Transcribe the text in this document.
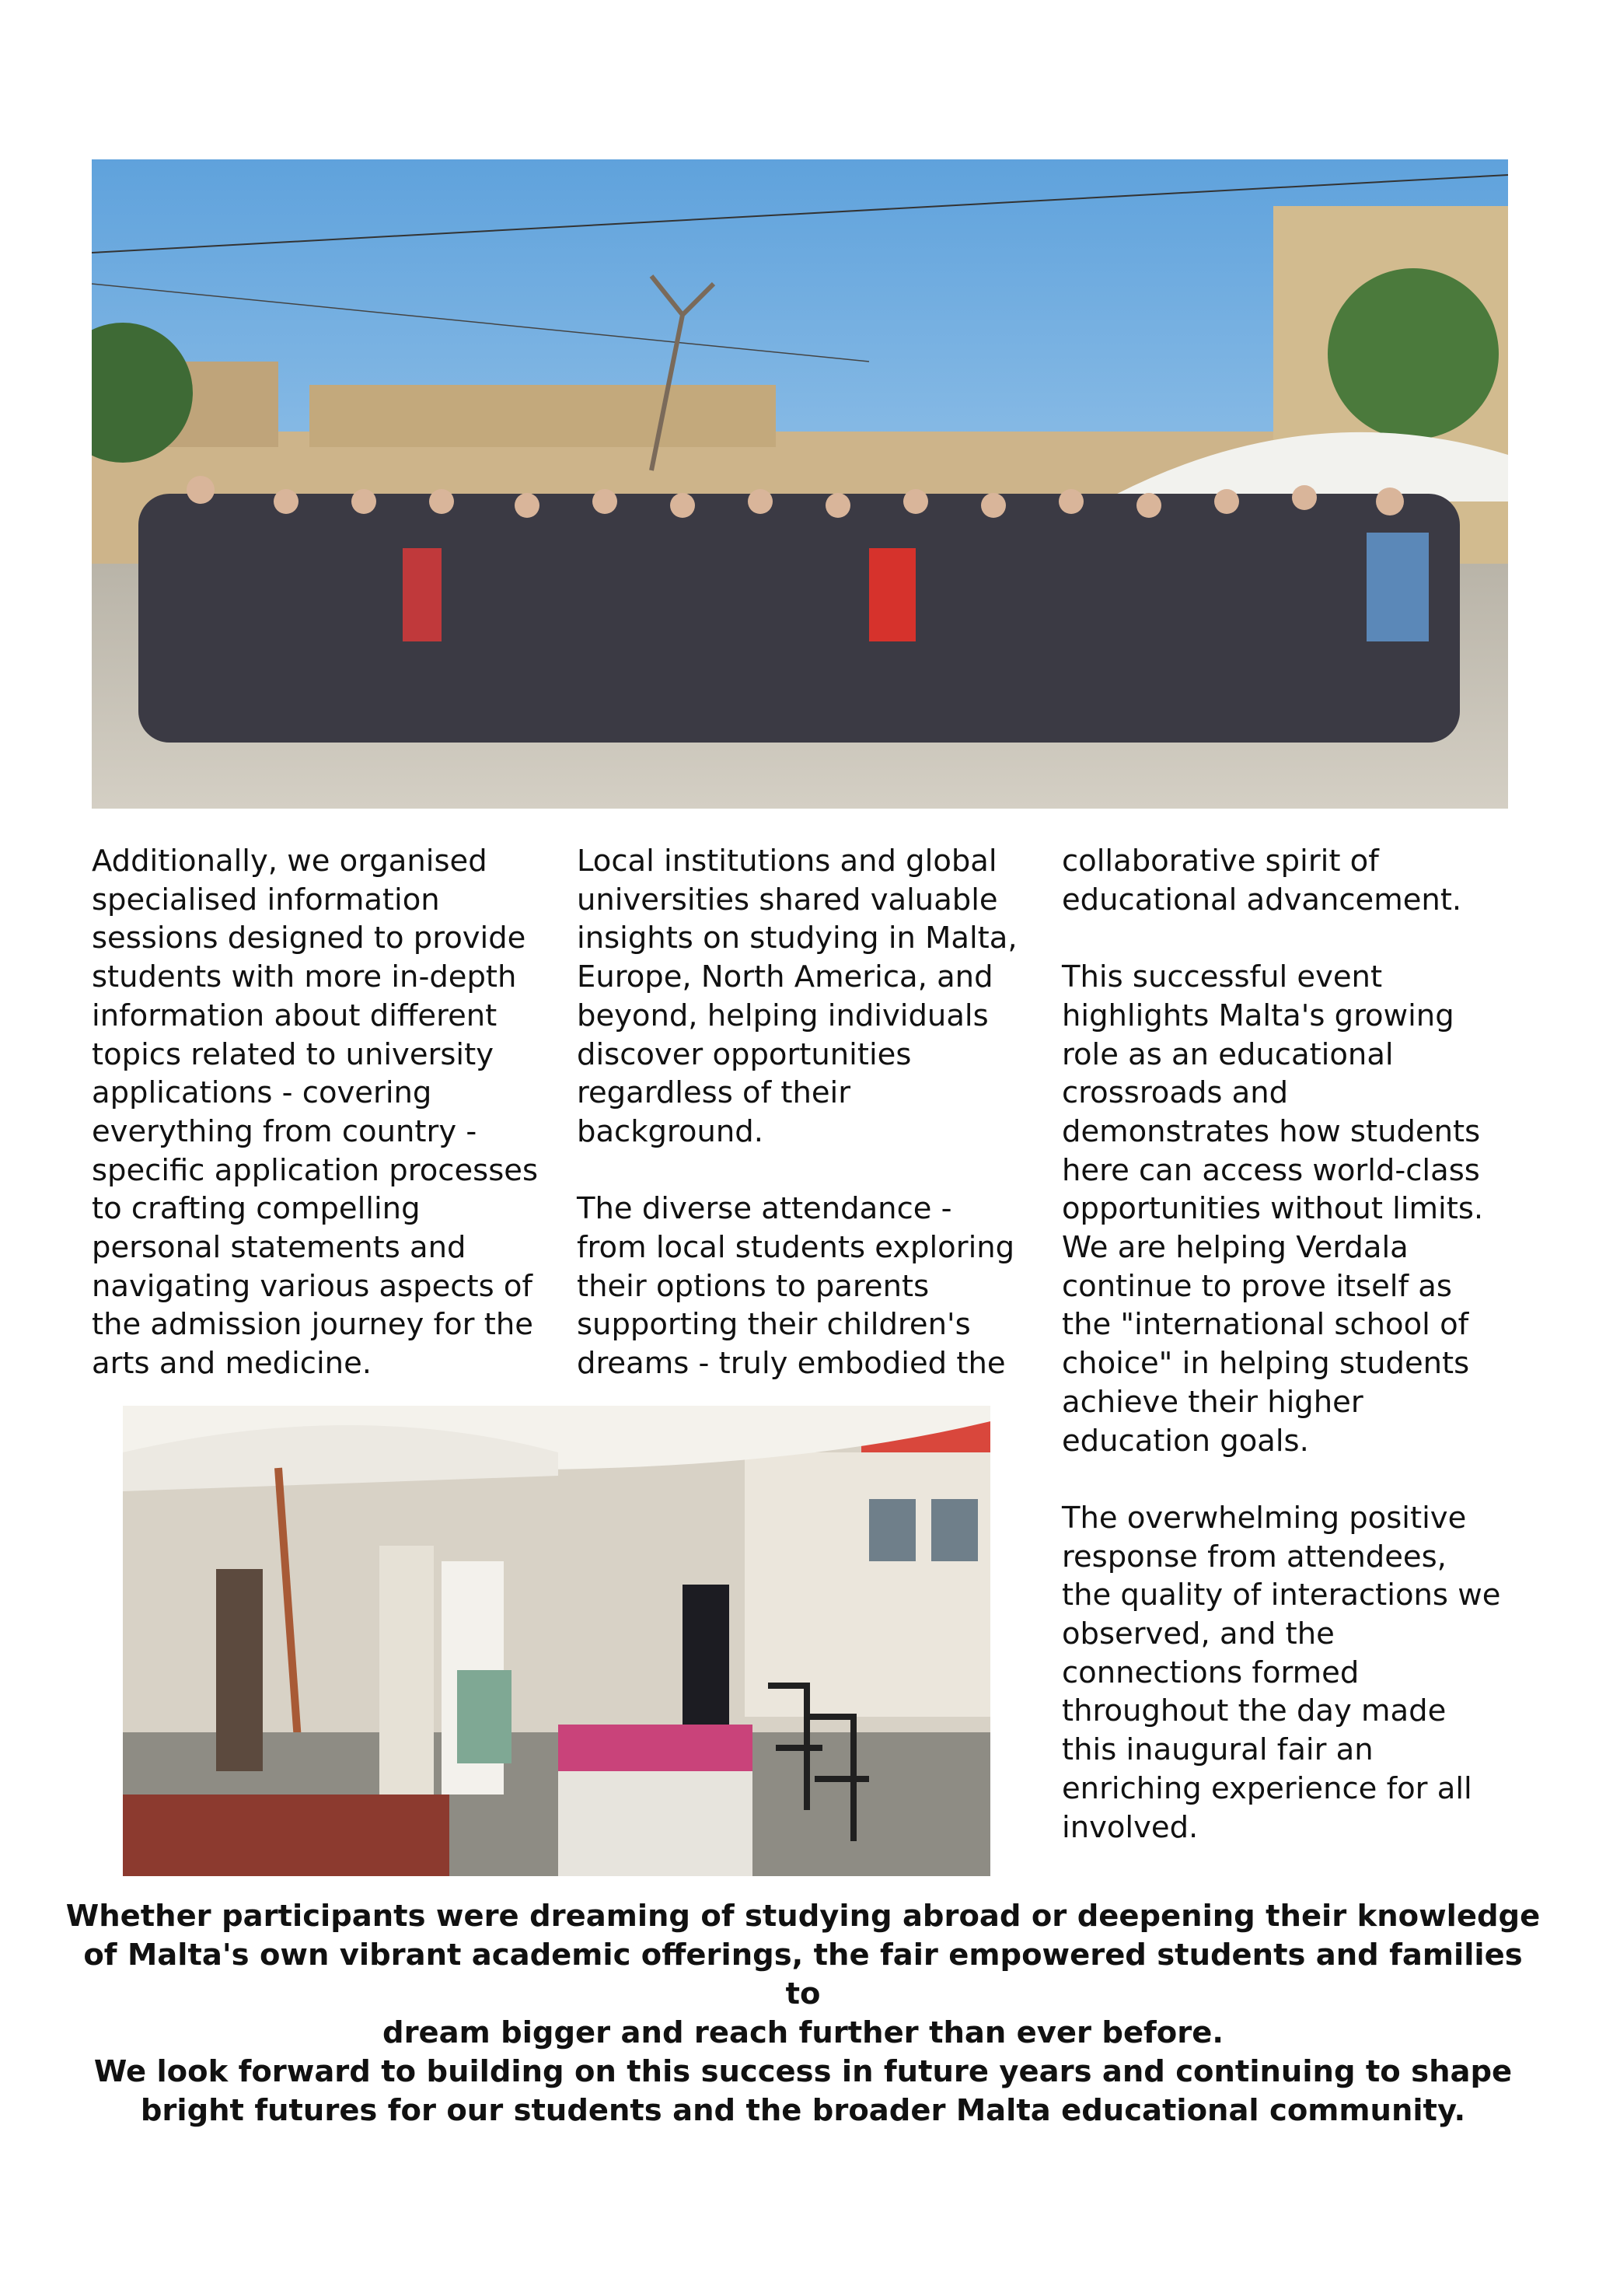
Additionally, we organised
specialised information
sessions designed to provide
students with more in-depth
information about different
topics related to university
applications - covering
everything from country -
specific application processes
to crafting compelling
personal statements and
navigating various aspects of
the admission journey for the
arts and medicine.

Local institutions and global
universities shared valuable
insights on studying in Malta,
Europe, North America, and
beyond, helping individuals
discover opportunities
regardless of their
background.

The diverse attendance -
from local students exploring
their options to parents
supporting their children's
dreams - truly embodied the

collaborative spirit of
educational advancement.

This successful event
highlights Malta's growing
role as an educational
crossroads and
demonstrates how students
here can access world-class
opportunities without limits.
We are helping Verdala
continue to prove itself as
the "international school of
choice" in helping students
achieve their higher
education goals.

The overwhelming positive
response from attendees,
the quality of interactions we
observed, and the
connections formed
throughout the day made
this inaugural fair an
enriching experience for all
involved.

Whether participants were dreaming of studying abroad or deepening their knowledge
of Malta's own vibrant academic offerings, the fair empowered students and families to
dream bigger and reach further than ever before.

We look forward to building on this success in future years and continuing to shape
bright futures for our students and the broader Malta educational community.
